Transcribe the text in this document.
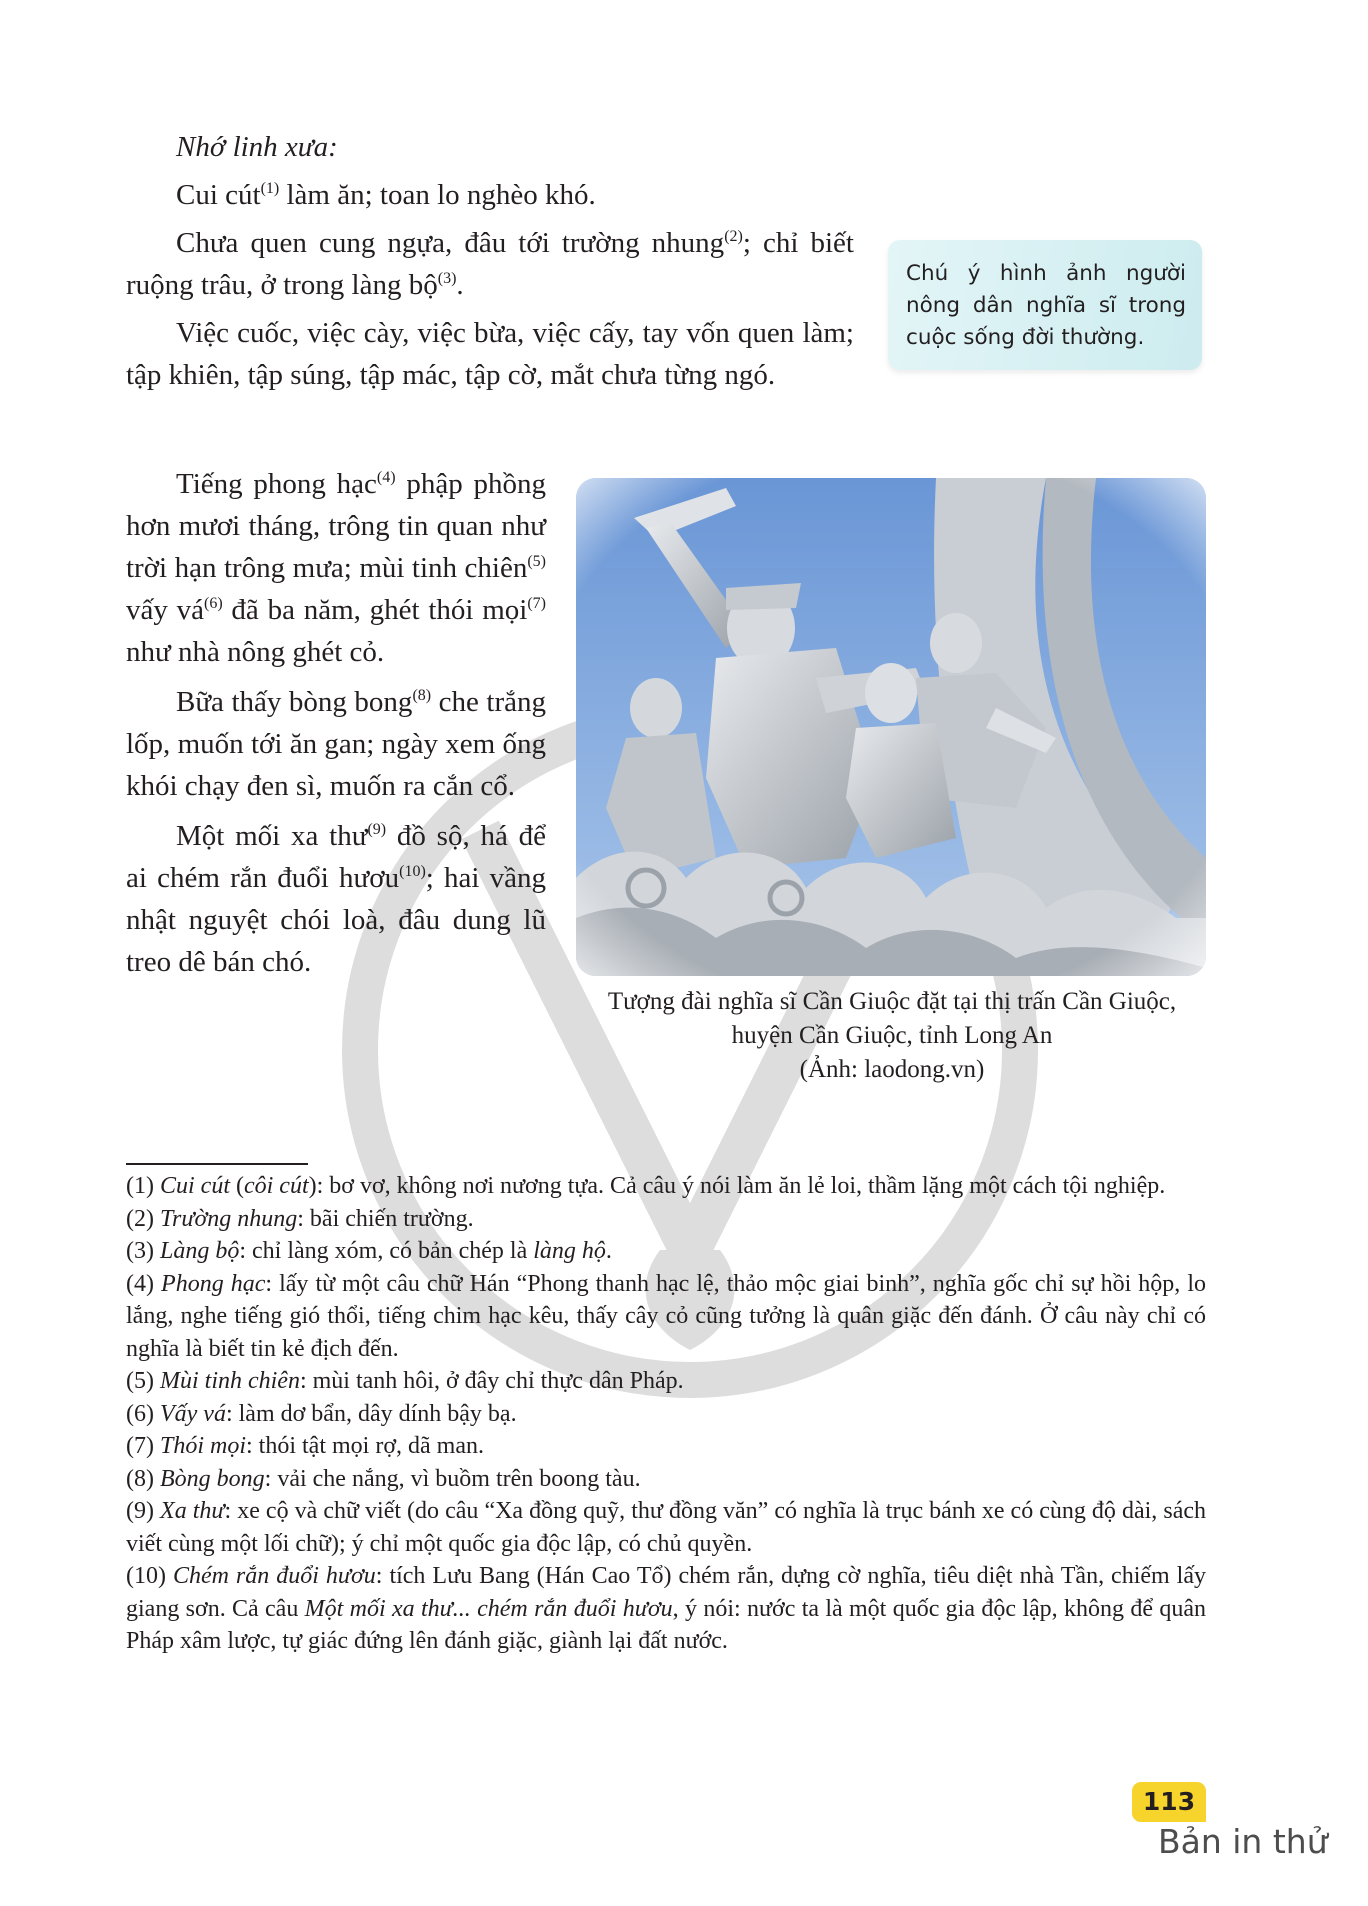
Nhớ linh xưa:

Cui cút$^{(1)}$ làm ăn; toan lo nghèo khó.

Chưa quen cung ngựa, đâu tới trường nhung$^{(2)}$; chỉ biết ruộng trâu, ở trong làng bộ$^{(3)}$.

Việc cuốc, việc cày, việc bừa, việc cấy, tay vốn quen làm; tập khiên, tập súng, tập mác, tập cờ, mắt chưa từng ngó.

Chú ý hình ảnh người nông dân nghĩa sĩ trong cuộc sống đời thường.

Tiếng phong hạc$^{(4)}$ phập phồng hơn mươi tháng, trông tin quan như trời hạn trông mưa; mùi tinh chiên$^{(5)}$ vấy $vá^{(6)}$ đã ba năm, ghét thói mọi$^{(7)}$ như nhà nông ghét cỏ.

Bữa thấy bòng bong$^{(8)}$ che trắng lốp, muốn tới ăn gan; ngày xem ống khói chạy đen sì, muốn ra cắn cổ.

Một mối xa thư$^{(9)}$ đồ sộ, há để ai chém rắn đuổi hươu$^{(10)}$; hai vầng nhật nguyệt chói loà, đâu dung lũ treo dê bán chó.

Tượng đài nghĩa sĩ Cần Giuộc đặt tại thị trấn Cần Giuộc,
huyện Cần Giuộc, tỉnh Long An
(Ảnh: laodong.vn)
(1) Cui cút (côi cút): bơ vơ, không nơi nương tựa. Cả câu ý nói làm ăn lẻ loi, thầm lặng một cách tội nghiệp.
(2) Trường nhung: bãi chiến trường.
(3) Làng bộ: chỉ làng xóm, có bản chép là làng hộ.
(4) Phong hạc: lấy từ một câu chữ Hán “Phong thanh hạc lệ, thảo mộc giai binh”, nghĩa gốc chỉ sự hồi hộp, lo lắng, nghe tiếng gió thổi, tiếng chim hạc kêu, thấy cây cỏ cũng tưởng là quân giặc đến đánh. Ở câu này chỉ có nghĩa là biết tin kẻ địch đến.
(5) Mùi tinh chiên: mùi tanh hôi, ở đây chỉ thực dân Pháp.
(6) Vấy vá: làm dơ bẩn, dây dính bậy bạ.
(7) Thói mọi: thói tật mọi rợ, dã man.
(8) Bòng bong: vải che nắng, vì buồm trên boong tàu.
(9) Xa thư: xe cộ và chữ viết (do câu “Xa đồng quỹ, thư đồng văn” có nghĩa là trục bánh xe có cùng độ dài, sách viết cùng một lối chữ); ý chỉ một quốc gia độc lập, có chủ quyền.
(10) Chém rắn đuổi hươu: tích Lưu Bang (Hán Cao Tổ) chém rắn, dựng cờ nghĩa, tiêu diệt nhà Tần, chiếm lấy giang sơn. Cả câu Một mối xa thư... chém rắn đuổi hươu, ý nói: nước ta là một quốc gia độc lập, không để quân Pháp xâm lược, tự giác đứng lên đánh giặc, giành lại đất nước.
113
Bản in thử
